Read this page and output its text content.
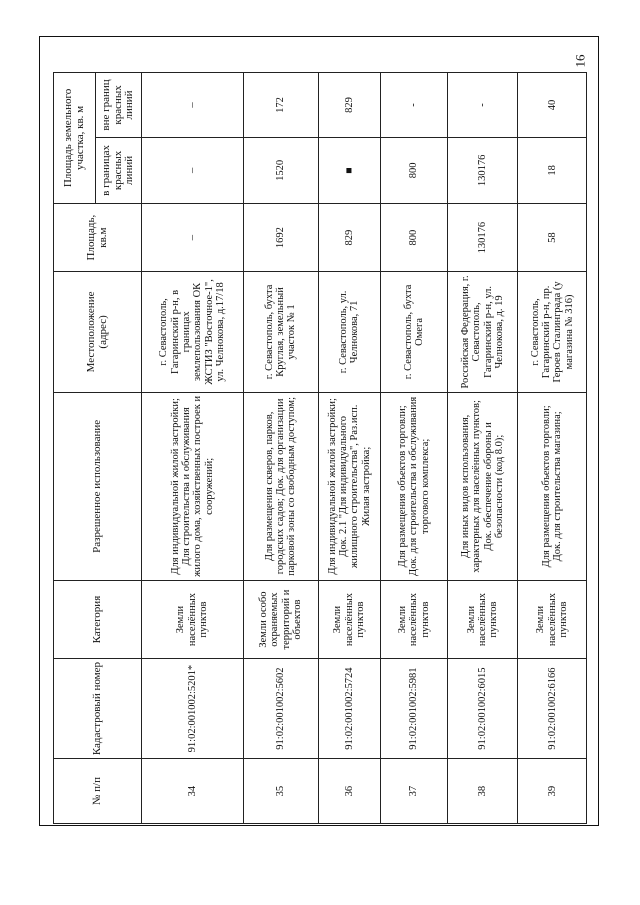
16
№ п/п	Кадастровый номер	Категория	Разрешенное использование	Местоположение (адрес)	Площадь, кв.м	Площадь земельного участка, кв. м	
						в границах красных линий	вне границ красных линий
34	91:02:001002:5201*	Земли населённых пунктов	Для индивидуальной жилой застройки; Для строительства и обслуживания жилого дома, хозяйственных построек и сооружений;	г. Севастополь, Гагаринский р-н, в границах землепользования ОК ЖСТИЗ "Восточное-1", ул. Челнокова, д.17/18	–	–	–
35	91:02:001002:5602	Земли особо охраняемых территорий и объектов	Для размещения скверов, парков, городских садов; Док. для организации парковой зоны со свободным доступом;	г. Севастополь, бухта Круглая, земельный участок № 1	1692	1520	172
36	91:02:001002:5724	Земли населённых пунктов	Для индивидуальной жилой застройки; Док. 2.1 "Для индивидуального жилищного строительства", Раз.исп. Жилая застройка;	г. Севастополь, ул. Челнокова, 71	829	■	829
37	91:02:001002:5981	Земли населённых пунктов	Для размещения объектов торговли; Док. для строительства и обслуживания торгового комплекса;	г. Севастополь, бухта Омега	800	800	-
38	91:02:001002:6015	Земли населённых пунктов	Для иных видов использования, характерных для населённых пунктов; Док. обеспечение обороны и безопасности (код 8.0);	Российская Федерация, г. Севастополь, Гагаринский р-н, ул. Челнокова, д. 19	130176	130176	-
39	91:02:001002:6166	Земли населённых пунктов	Для размещения объектов торговли; Док. для строительства магазина;	г. Севастополь, Гагаринский р-н, пр. Героев Сталинграда (у магазина № 316)	58	18	40
